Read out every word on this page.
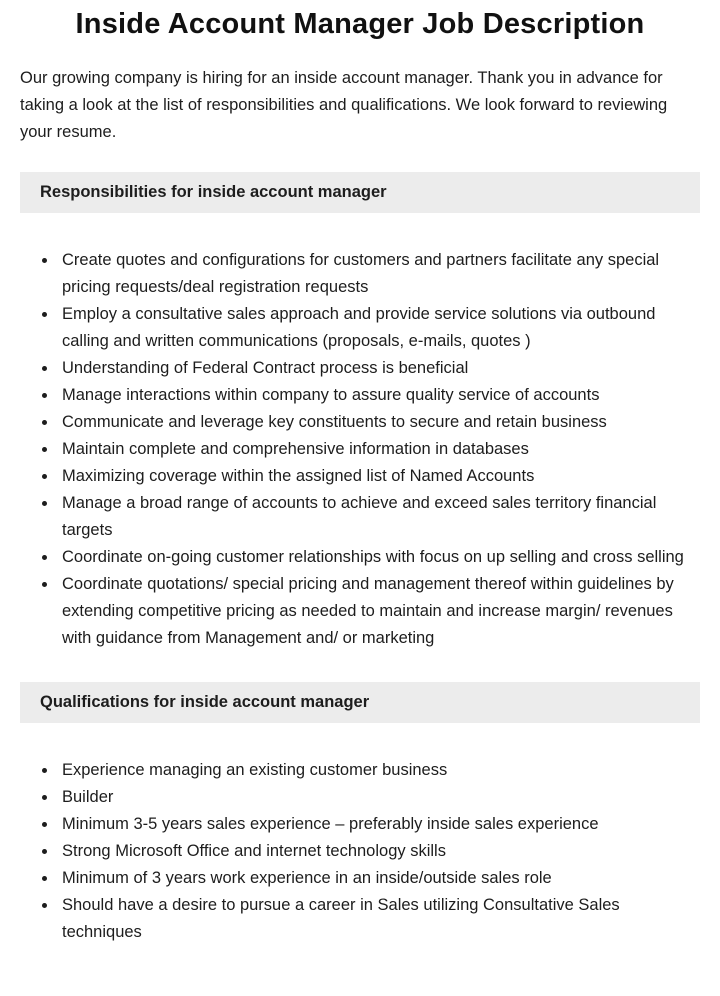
Inside Account Manager Job Description

Our growing company is hiring for an inside account manager. Thank you in advance for taking a look at the list of responsibilities and qualifications. We look forward to reviewing your resume.

Responsibilities for inside account manager
Create quotes and configurations for customers and partners facilitate any special pricing requests/deal registration requests
Employ a consultative sales approach and provide service solutions via outbound calling and written communications (proposals, e-mails, quotes )
Understanding of Federal Contract process is beneficial
Manage interactions within company to assure quality service of accounts
Communicate and leverage key constituents to secure and retain business
Maintain complete and comprehensive information in databases
Maximizing coverage within the assigned list of Named Accounts
Manage a broad range of accounts to achieve and exceed sales territory financial targets
Coordinate on-going customer relationships with focus on up selling and cross selling
Coordinate quotations/ special pricing and management thereof within guidelines by extending competitive pricing as needed to maintain and increase margin/ revenues with guidance from Management and/ or marketing
Qualifications for inside account manager
Experience managing an existing customer business
Builder
Minimum 3-5 years sales experience – preferably inside sales experience
Strong Microsoft Office and internet technology skills
Minimum of 3 years work experience in an inside/outside sales role
Should have a desire to pursue a career in Sales utilizing Consultative Sales techniques
